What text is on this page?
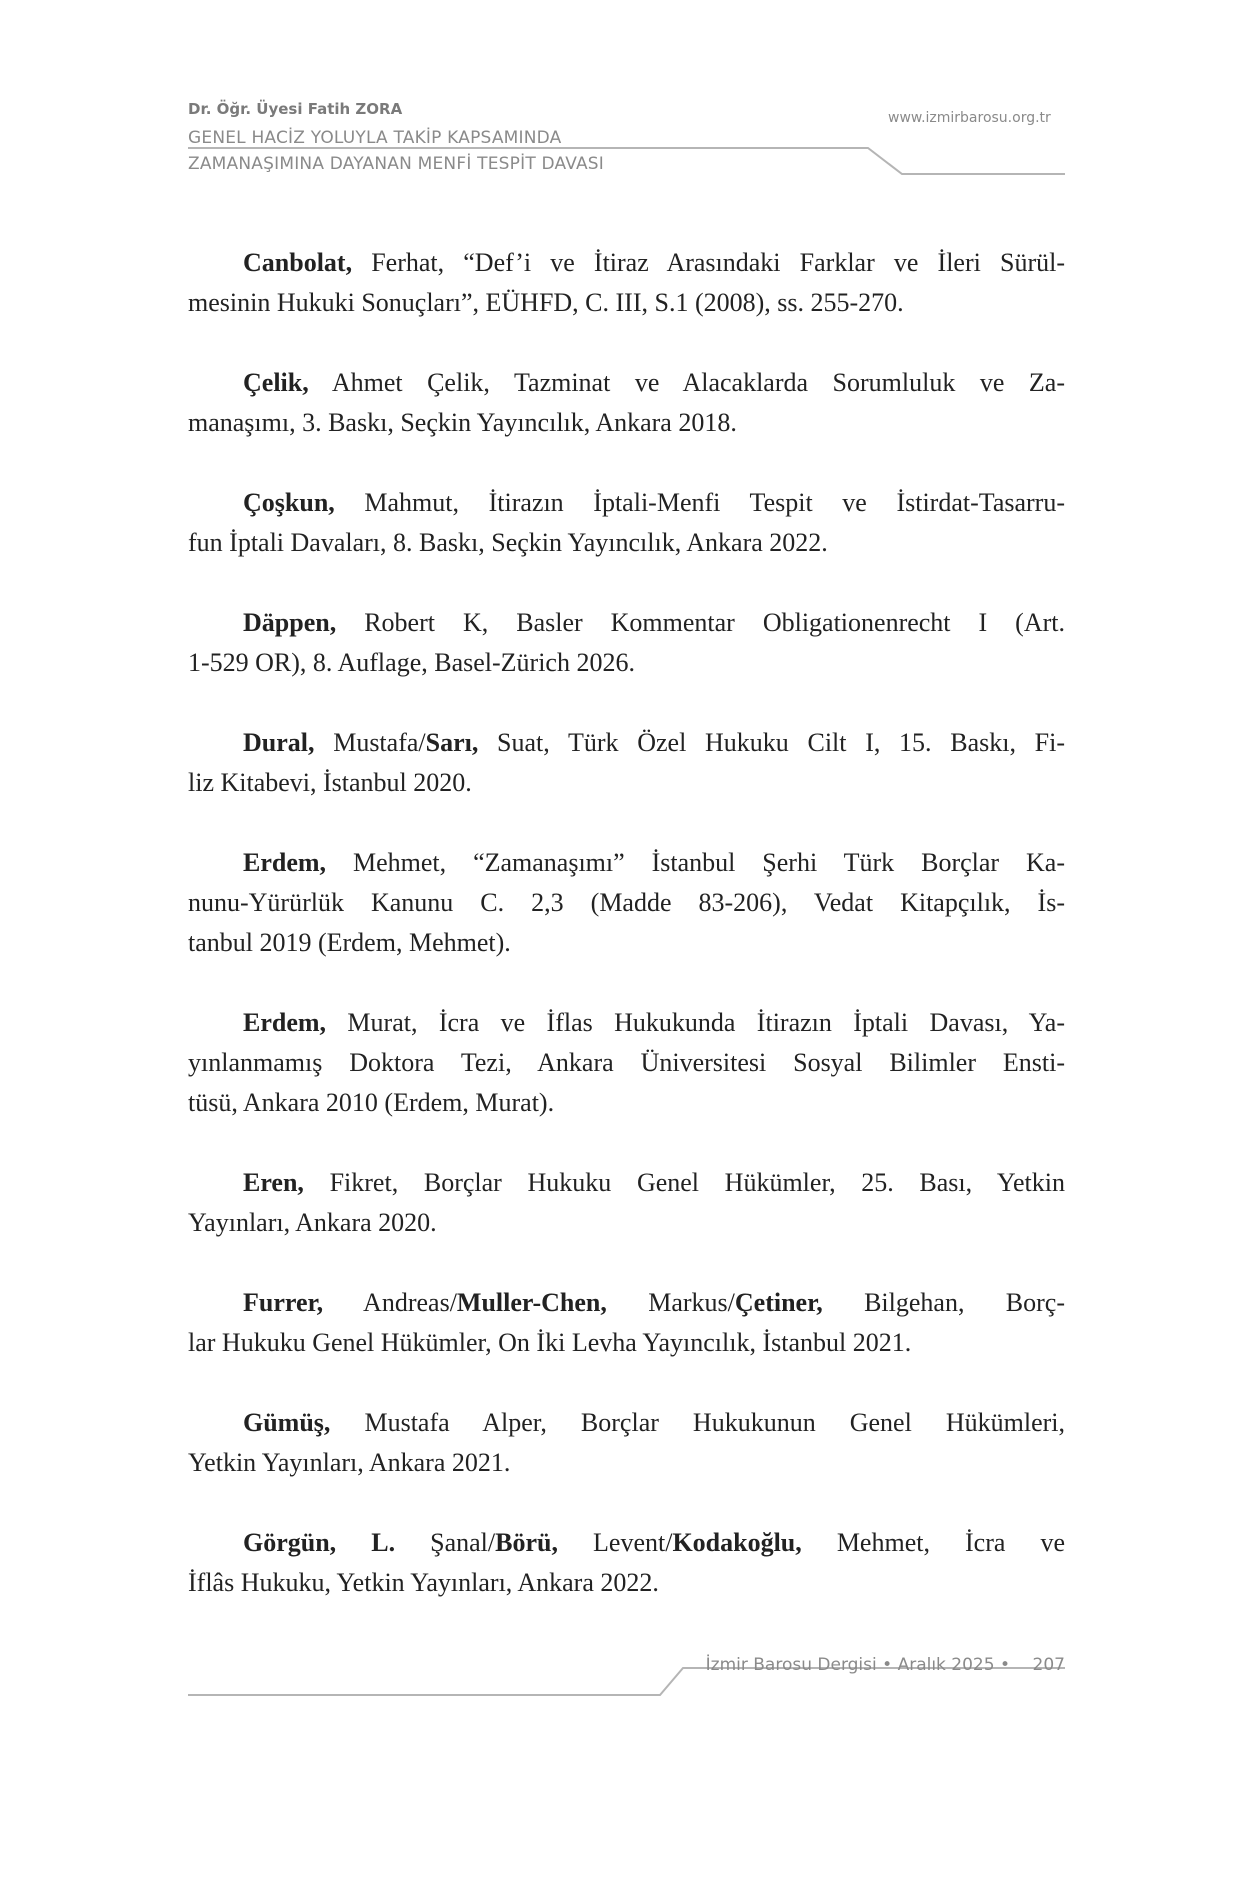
Dr. Öğr. Üyesi Fatih ZORA
GENEL HACİZ YOLUYLA TAKİP KAPSAMINDA
ZAMANAŞIMINA DAYANAN MENFİ TESPİT DAVASI
www.izmirbarosu.org.tr
Canbolat, Ferhat, “Def’i ve İtiraz Arasındaki Farklar ve İleri Sürül-
mesinin Hukuki Sonuçları”, EÜHFD, C. III, S.1 (2008), ss. 255-270.
Çelik, Ahmet Çelik, Tazminat ve Alacaklarda Sorumluluk ve Za-
manaşımı, 3. Baskı, Seçkin Yayıncılık, Ankara 2018.
Çoşkun, Mahmut, İtirazın İptali-Menfi Tespit ve İstirdat-Tasarru-
fun İptali Davaları, 8. Baskı, Seçkin Yayıncılık, Ankara 2022.
Däppen, Robert K, Basler Kommentar Obligationenrecht I (Art.
1-529 OR), 8. Auflage, Basel-Zürich 2026.
Dural, Mustafa/Sarı, Suat, Türk Özel Hukuku Cilt I, 15. Baskı, Fi-
liz Kitabevi, İstanbul 2020.
Erdem, Mehmet, “Zamanaşımı” İstanbul Şerhi Türk Borçlar Ka-
nunu-Yürürlük Kanunu C. 2,3 (Madde 83-206), Vedat Kitapçılık, İs-
tanbul 2019 (Erdem, Mehmet).
Erdem, Murat, İcra ve İflas Hukukunda İtirazın İptali Davası, Ya-
yınlanmamış Doktora Tezi, Ankara Üniversitesi Sosyal Bilimler Ensti-
tüsü, Ankara 2010 (Erdem, Murat).
Eren, Fikret, Borçlar Hukuku Genel Hükümler, 25. Bası, Yetkin
Yayınları, Ankara 2020.
Furrer, Andreas/Muller-Chen, Markus/Çetiner, Bilgehan, Borç-
lar Hukuku Genel Hükümler, On İki Levha Yayıncılık, İstanbul 2021.
Gümüş, Mustafa Alper, Borçlar Hukukunun Genel Hükümleri,
Yetkin Yayınları, Ankara 2021.
Görgün, L. Şanal/Börü, Levent/Kodakoğlu, Mehmet, İcra ve
İflâs Hukuku, Yetkin Yayınları, Ankara 2022.
İzmir Barosu Dergisi • Aralık 2025 • 207
